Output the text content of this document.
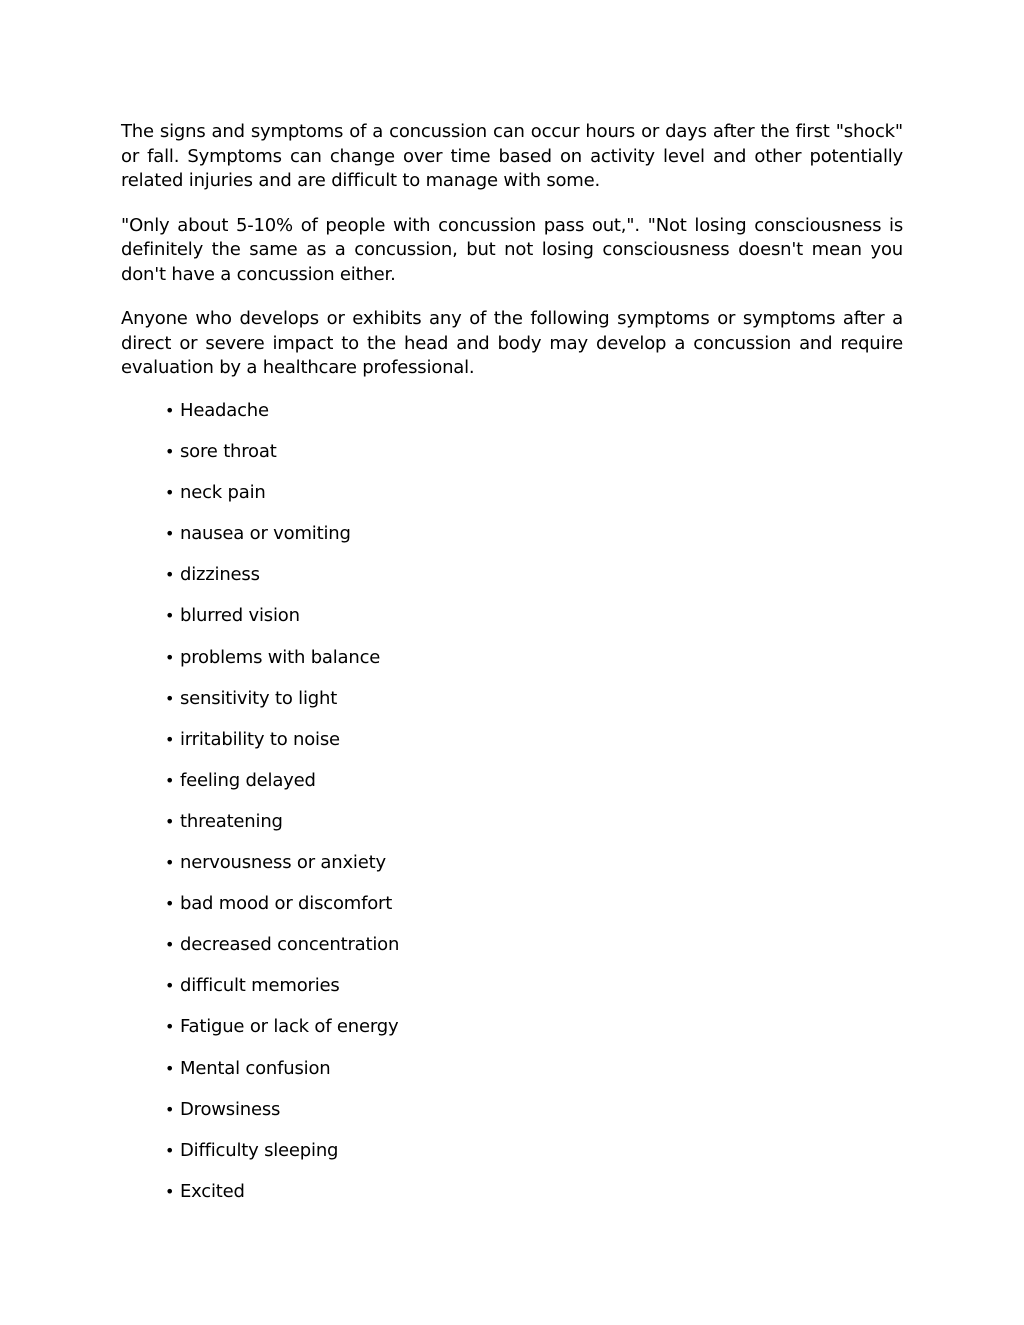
The signs and symptoms of a concussion can occur hours or days after the first "shock" or fall. Symptoms can change over time based on activity level and other potentially related injuries and are difficult to manage with some.

"Only about 5-10% of people with concussion pass out,". "Not losing consciousness is definitely the same as a concussion, but not losing consciousness doesn't mean you don't have a concussion either.

Anyone who develops or exhibits any of the following symptoms or symptoms after a direct or severe impact to the head and body may develop a concussion and require evaluation by a healthcare professional.

• Headache
• sore throat
• neck pain
• nausea or vomiting
• dizziness
• blurred vision
• problems with balance
• sensitivity to light
• irritability to noise
• feeling delayed
• threatening
• nervousness or anxiety
• bad mood or discomfort
• decreased concentration
• difficult memories
• Fatigue or lack of energy
• Mental confusion
• Drowsiness
• Difficulty sleeping
• Excited
